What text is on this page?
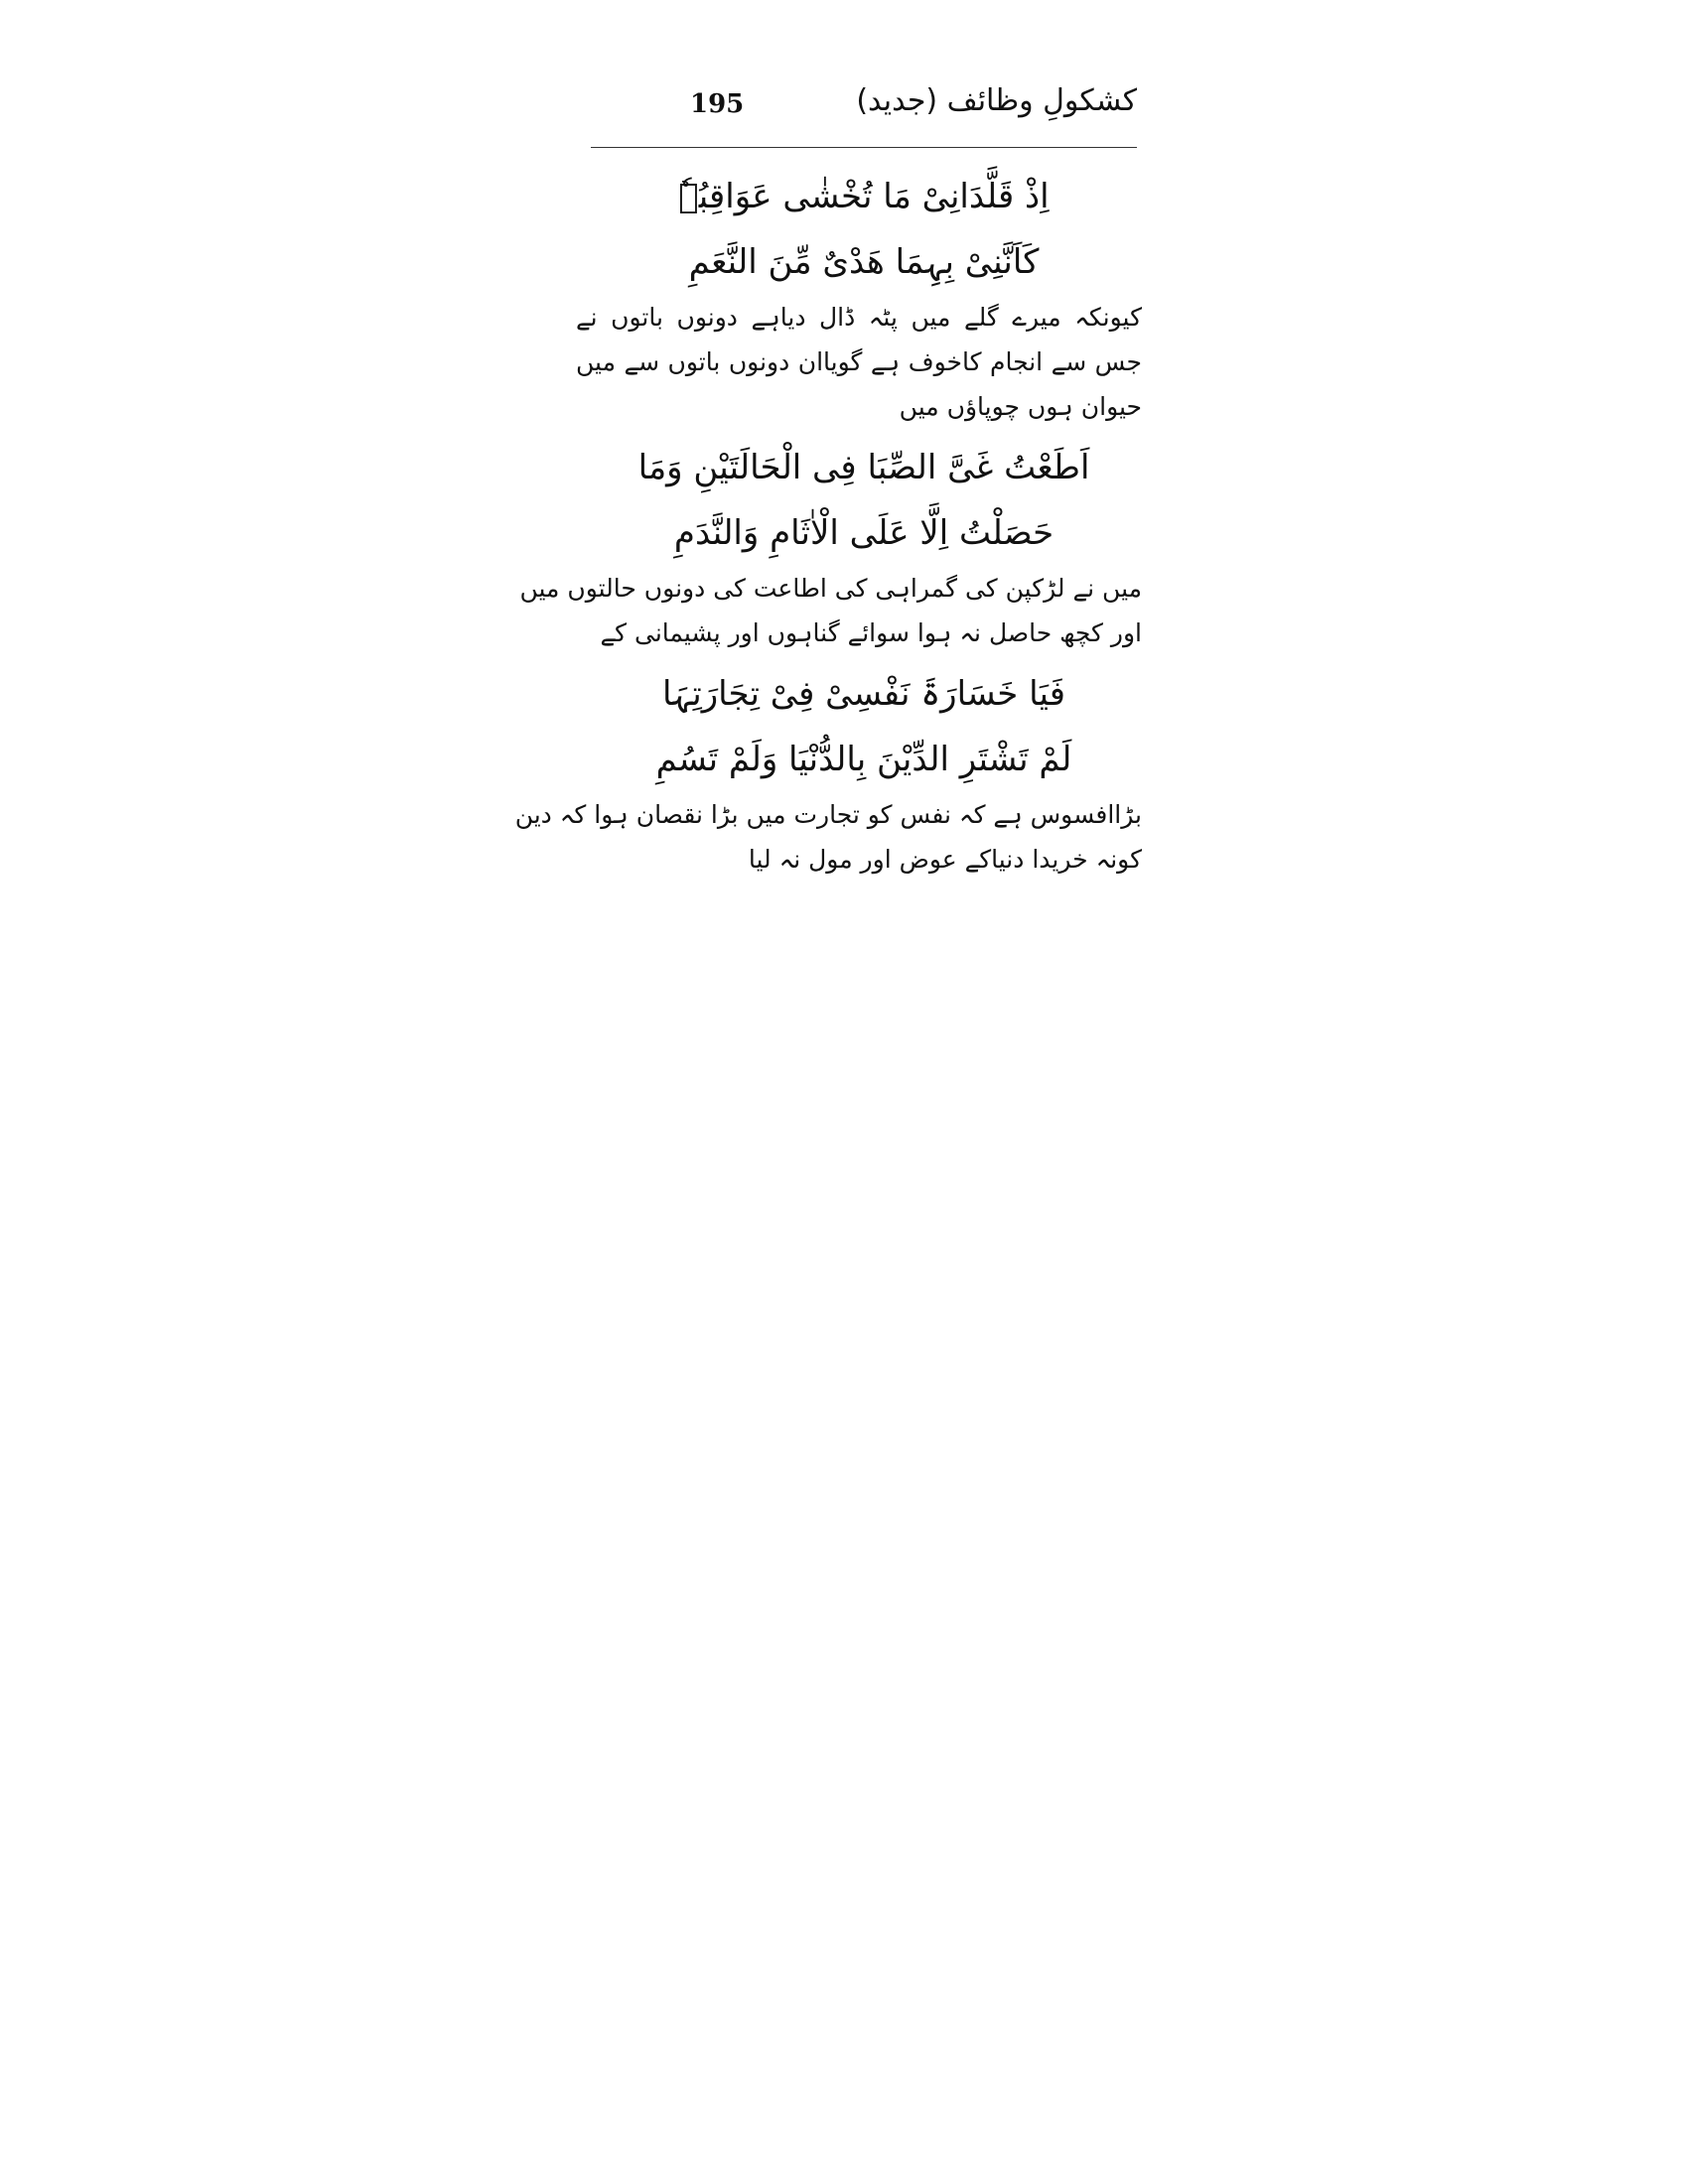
195	کشکولِ وظائف (جدید)
اِذْ قَلَّدَانِیْ مَا تُخْشٰی عَوَاقِبُہٗ
کَاَنَّنِیْ بِہِمَا ھَدْیٌ مِّنَ النَّعَمِ
کیونکہ میرے گلے میں پٹہ ڈال دیاہے دونوں باتوں نے
جس سے انجام کاخوف ہے گویاان دونوں باتوں سے میں
حیوان ہوں چوپاؤں میں
اَطَعْتُ غَیَّ الصِّبَا فِی الْحَالَتَیْنِ وَمَا
حَصَلْتُ اِلَّا عَلَی الْاٰثَامِ وَالنَّدَمِ
میں نے لڑکپن کی گمراہی کی اطاعت کی دونوں حالتوں میں
اور کچھ حاصل نہ ہوا سوائے گناہوں اور پشیمانی کے
فَیَا خَسَارَۃَ نَفْسِیْ فِیْ تِجَارَتِہَا
لَمْ تَشْتَرِ الدِّیْنَ بِالدُّنْیَا وَلَمْ تَسُمِ
بڑاافسوس ہے کہ نفس کو تجارت میں بڑا نقصان ہوا کہ دین
کونہ خریدا دنیاکے عوض اور مول نہ لیا
